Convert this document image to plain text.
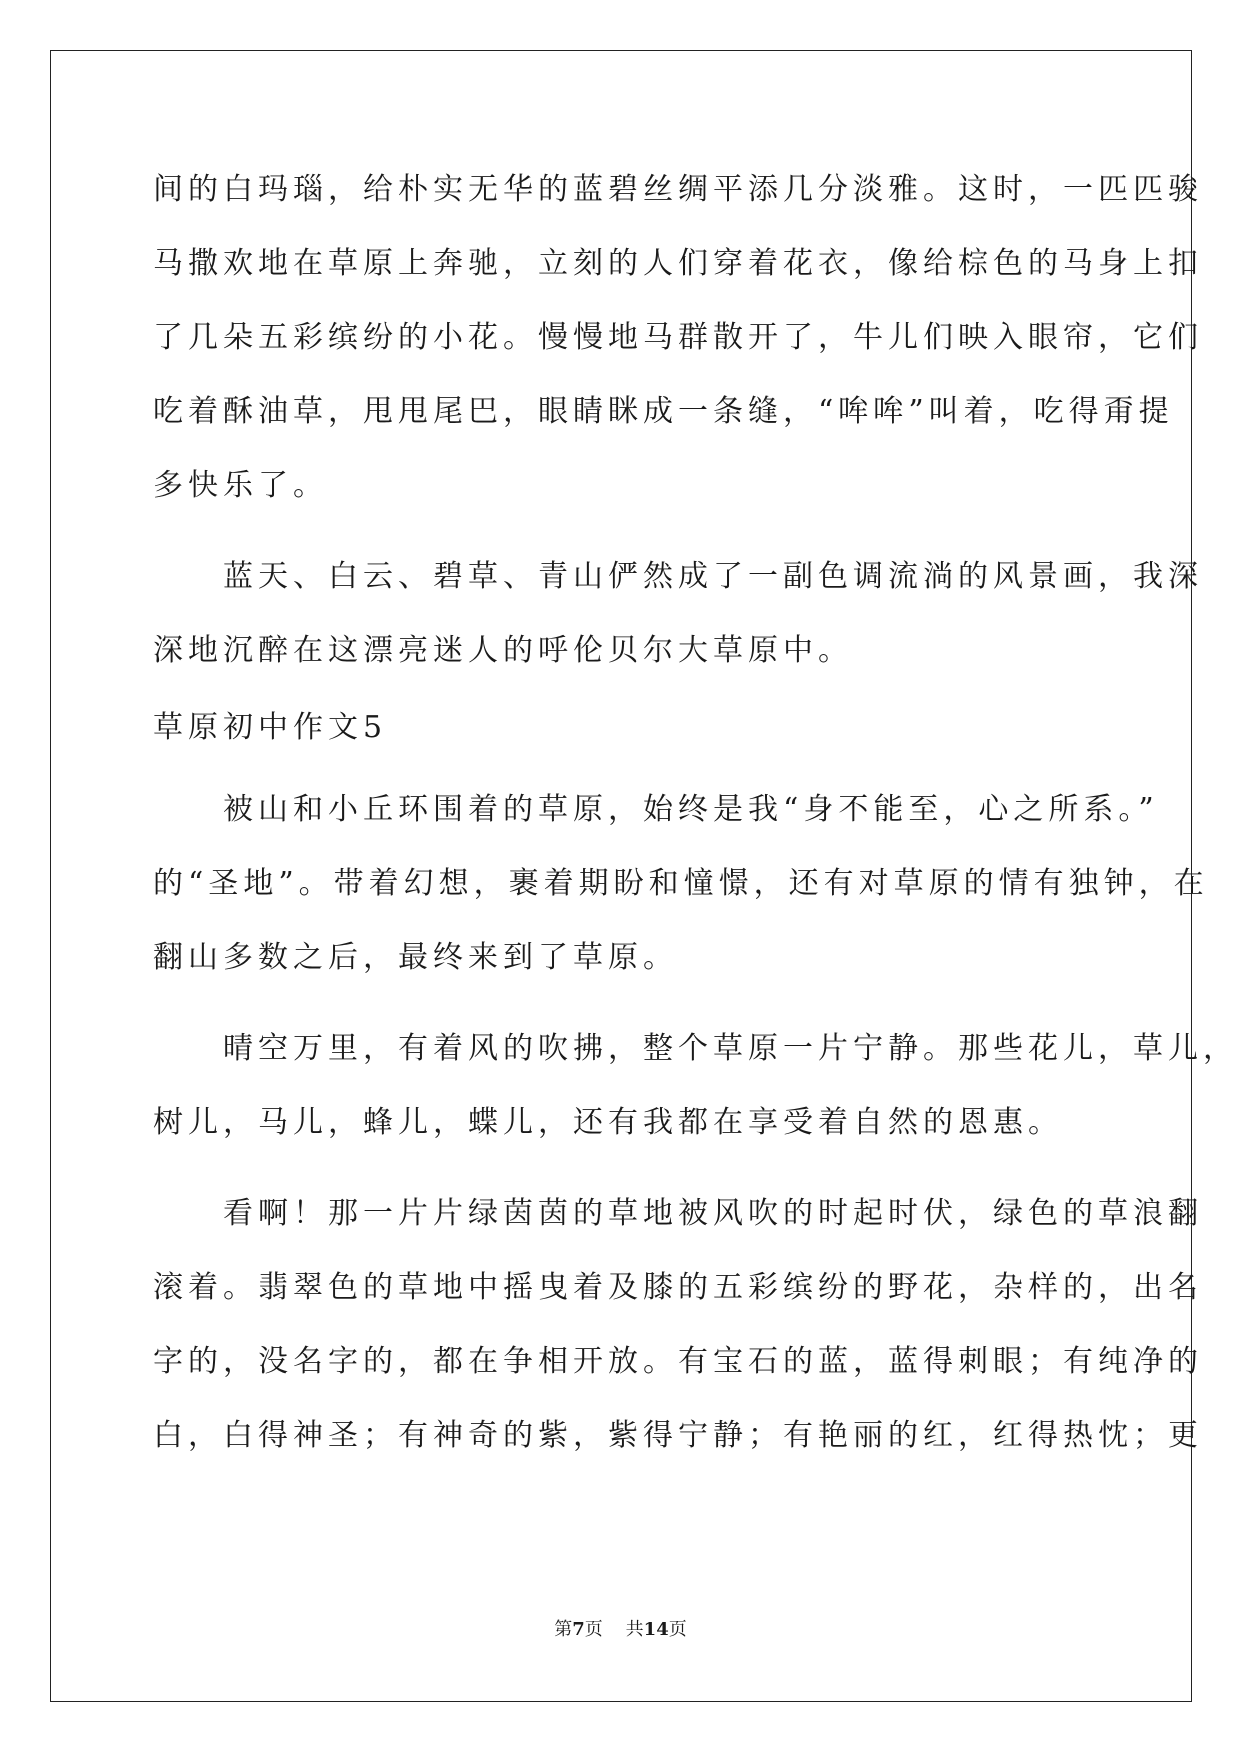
间的白玛瑙，给朴实无华的蓝碧丝绸平添几分淡雅。这时，一匹匹骏

马撒欢地在草原上奔驰，立刻的人们穿着花衣，像给棕色的马身上扣

了几朵五彩缤纷的小花。慢慢地马群散开了，牛儿们映入眼帘，它们

吃着酥油草，甩甩尾巴，眼睛眯成一条缝，“哞哞”叫着，吃得甭提

多快乐了。

　　蓝天、白云、碧草、青山俨然成了一副色调流淌的风景画，我深

深地沉醉在这漂亮迷人的呼伦贝尔大草原中。

草原初中作文5

　　被山和小丘环围着的草原，始终是我“身不能至，心之所系。”

的“圣地”。带着幻想，裹着期盼和憧憬，还有对草原的情有独钟，在

翻山多数之后，最终来到了草原。

　　晴空万里，有着风的吹拂，整个草原一片宁静。那些花儿，草儿，

树儿，马儿，蜂儿，蝶儿，还有我都在享受着自然的恩惠。

　　看啊！那一片片绿茵茵的草地被风吹的时起时伏，绿色的草浪翻

滚着。翡翠色的草地中摇曳着及膝的五彩缤纷的野花，杂样的，出名

字的，没名字的，都在争相开放。有宝石的蓝，蓝得刺眼；有纯净的

白，白得神圣；有神奇的紫，紫得宁静；有艳丽的红，红得热忱；更

第7页 共14页
